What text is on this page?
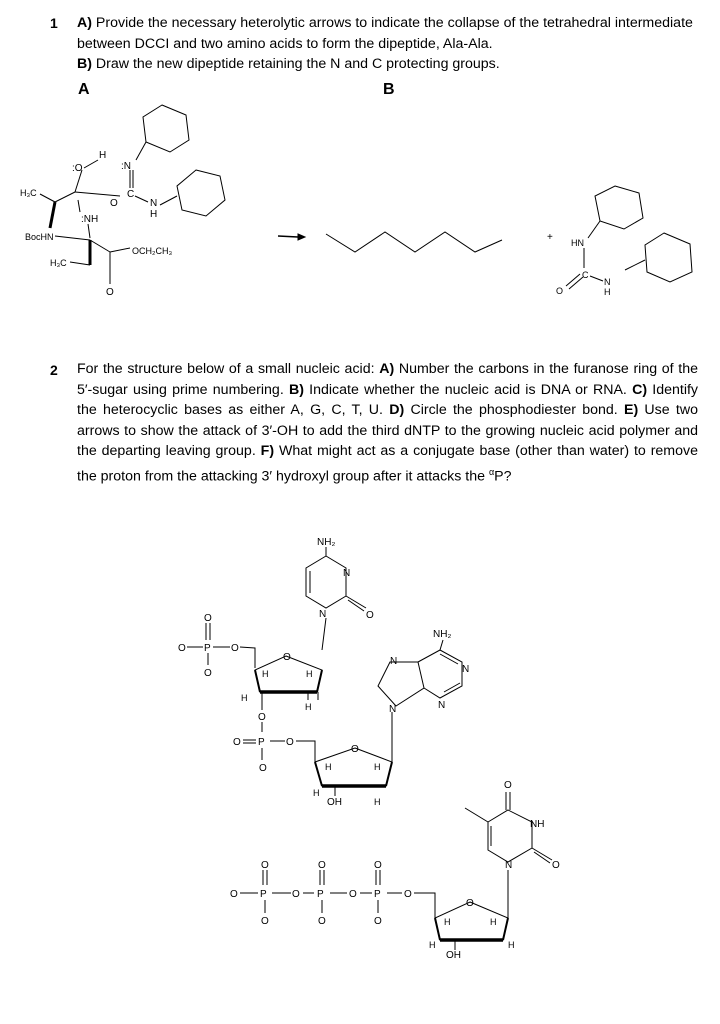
1 A) Provide the necessary heterolytic arrows to indicate the collapse of the tetrahedral intermediate between DCCI and two amino acids to form the dipeptide, Ala-Ala.
B) Draw the new dipeptide retaining the N and C protecting groups.
A	B
H₃C
BocHN
:NH
H₃C
O
OCH₂CH₃
:O
H
:N
C
O	N
H
+ HN
C
O
N
H
2 For the structure below of a small nucleic acid: A) Number the carbons in the furanose ring of the 5′-sugar using prime numbering. B) Indicate whether the nucleic acid is DNA or RNA. C) Identify the heterocyclic bases as either A, G, C, T, U. D) Circle the phosphodiester bond. E) Use two arrows to show the attack of 3′-OH to add the third dNTP to the growing nucleic acid polymer and the departing leaving group. F) What might act as a conjugate base (other than water) to remove the proton from the attacking 3′ hydroxyl group after it attacks the $^\alpha$P?
NH₂
N
N	O
O
O P O
O
O
H	H
H
H
O
O P O
O
O
H	H
H
H
OH
NH₂
N
N
N	N
O
NH
N	O
O
O
O
O
O
O
O P	O P	O P O
O
H	H
H	H
OH
